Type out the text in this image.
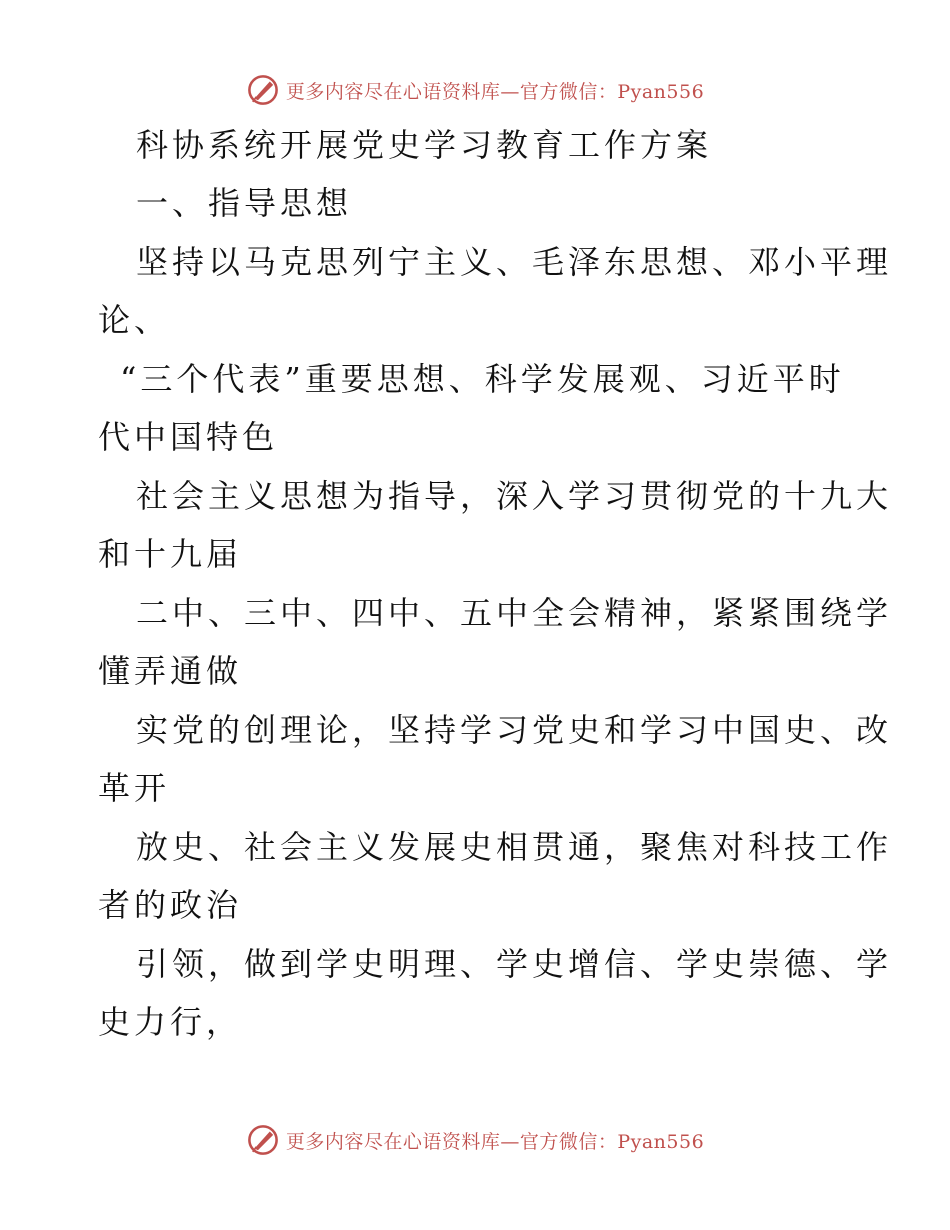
更多内容尽在心语资料库—官方微信：Pyan556
科协系统开展党史学习教育工作方案
一、指导思想
坚持以马克思列宁主义、毛泽东思想、邓小平理
论、
“三个代表”重要思想、科学发展观、习近平时
代中国特色
社会主义思想为指导，深入学习贯彻党的十九大
和十九届
二中、三中、四中、五中全会精神，紧紧围绕学
懂弄通做
实党的创理论，坚持学习党史和学习中国史、改
革开
放史、社会主义发展史相贯通，聚焦对科技工作
者的政治
引领，做到学史明理、学史增信、学史崇德、学
史力行，
更多内容尽在心语资料库—官方微信：Pyan556
